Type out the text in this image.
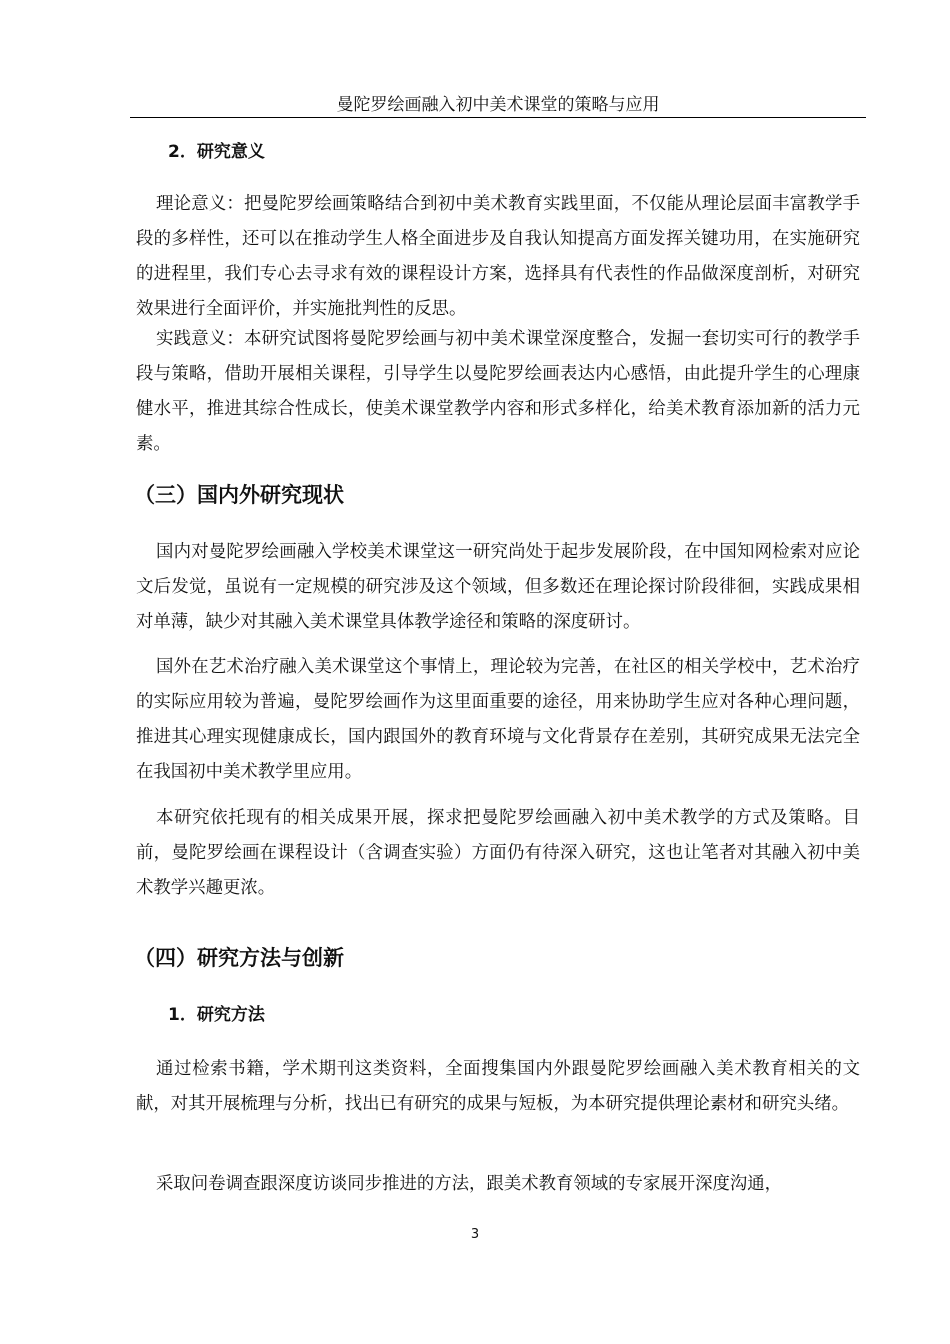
曼陀罗绘画融入初中美术课堂的策略与应用
2．研究意义

理论意义：把曼陀罗绘画策略结合到初中美术教育实践里面，不仅能从理论层面丰富教学手段的多样性，还可以在推动学生人格全面进步及自我认知提高方面发挥关键功用，在实施研究的进程里，我们专心去寻求有效的课程设计方案，选择具有代表性的作品做深度剖析，对研究效果进行全面评价，并实施批判性的反思。

实践意义：本研究试图将曼陀罗绘画与初中美术课堂深度整合，发掘一套切实可行的教学手段与策略，借助开展相关课程，引导学生以曼陀罗绘画表达内心感悟，由此提升学生的心理康健水平，推进其综合性成长，使美术课堂教学内容和形式多样化，给美术教育添加新的活力元素。

（三）国内外研究现状

国内对曼陀罗绘画融入学校美术课堂这一研究尚处于起步发展阶段，在中国知网检索对应论文后发觉，虽说有一定规模的研究涉及这个领域，但多数还在理论探讨阶段徘徊，实践成果相对单薄，缺少对其融入美术课堂具体教学途径和策略的深度研讨。

国外在艺术治疗融入美术课堂这个事情上，理论较为完善，在社区的相关学校中，艺术治疗的实际应用较为普遍，曼陀罗绘画作为这里面重要的途径，用来协助学生应对各种心理问题，推进其心理实现健康成长，国内跟国外的教育环境与文化背景存在差别，其研究成果无法完全在我国初中美术教学里应用。

本研究依托现有的相关成果开展，探求把曼陀罗绘画融入初中美术教学的方式及策略。目前，曼陀罗绘画在课程设计（含调查实验）方面仍有待深入研究，这也让笔者对其融入初中美术教学兴趣更浓。

（四）研究方法与创新
1．研究方法

通过检索书籍，学术期刊这类资料，全面搜集国内外跟曼陀罗绘画融入美术教育相关的文献，对其开展梳理与分析，找出已有研究的成果与短板，为本研究提供理论素材和研究头绪。

采取问卷调查跟深度访谈同步推进的方法，跟美术教育领域的专家展开深度沟通，

3
